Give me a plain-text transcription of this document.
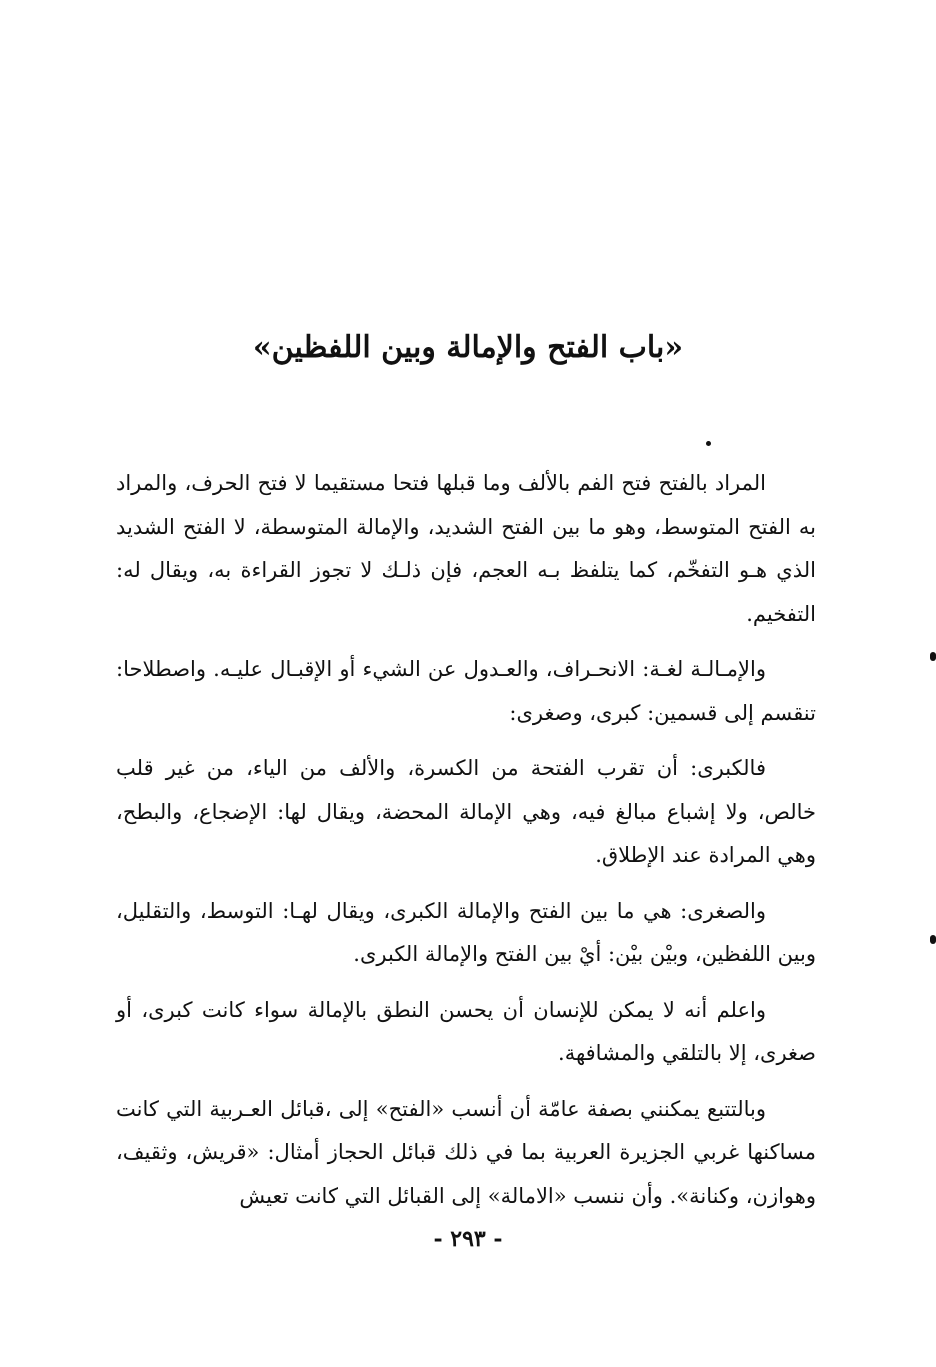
«باب الفتح والإمالة وبين اللفظين»

المراد بالفتح فتح الفم بالألف وما قبلها فتحا مستقيما لا فتح الحرف، والمراد به الفتح المتوسط، وهو ما بين الفتح الشديد، والإمالة المتوسطة، لا الفتح الشديد الذي هـو التفخّم، كما يتلفظ بـه العجم، فإن ذلـك لا تجوز القراءة به، ويقال له: التفخيم.

والإمـالـة لغـة: الانحـراف، والعـدول عن الشيء أو الإقبـال عليـه. واصطلاحا: تنقسم إلى قسمين: كبرى، وصغرى:

فالكبرى: أن تقرب الفتحة من الكسرة، والألف من الياء، من غير قلب خالص، ولا إشباع مبالغ فيه، وهي الإمالة المحضة، ويقال لها: الإضجاع، والبطح، وهي المرادة عند الإطلاق.

والصغرى: هي ما بين الفتح والإمالة الكبرى، ويقال لهـا: التوسط، والتقليل، وبين اللفظين، وبيْن بيْن: أيْ بين الفتح والإمالة الكبرى.

واعلم أنه لا يمكن للإنسان أن يحسن النطق بالإمالة سواء كانت كبرى، أو صغرى، إلا بالتلقي والمشافهة.

وبالتتبع يمكنني بصفة عامّة أن أنسب «الفتح» إلى ،قبائل العـربية التي كانت مساكنها غربي الجزيرة العربية بما في ذلك قبائل الحجاز أمثال: «قريش، وثقيف، وهوازن، وكنانة». وأن ننسب «الامالة» إلى القبائل التي كانت تعيش

- ٢٩٣ -
